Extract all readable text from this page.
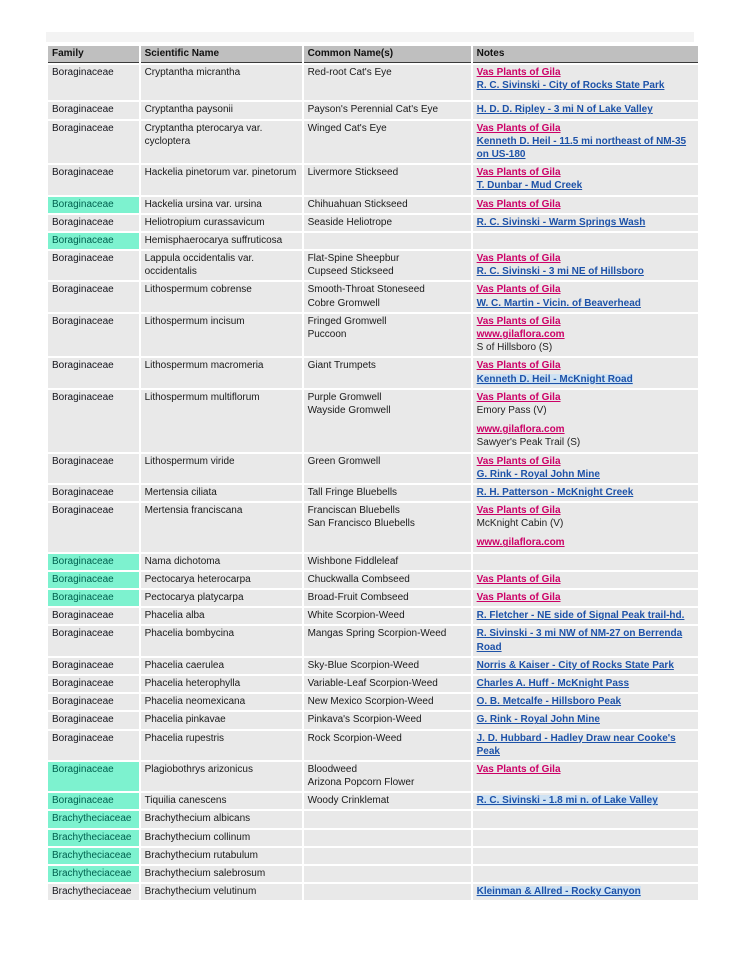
Family	Scientific Name	Common Name(s)	Notes
Boraginaceae	Cryptantha micrantha	Red-root Cat's Eye	Vas Plants of Gila
R. C. Sivinski - City of Rocks State Park

Boraginaceae	Cryptantha paysonii	Payson's Perennial Cat's Eye	H. D. D. Ripley - 3 mi N of Lake Valley

Boraginaceae	Cryptantha pterocarya var. cycloptera	Winged Cat's Eye	Vas Plants of Gila
Kenneth D. Heil - 11.5 mi northeast of NM-35 on US-180

Boraginaceae	Hackelia pinetorum var. pinetorum	Livermore Stickseed	Vas Plants of Gila
T. Dunbar - Mud Creek

Boraginaceae	Hackelia ursina var. ursina	Chihuahuan Stickseed	Vas Plants of Gila

Boraginaceae	Heliotropium curassavicum	Seaside Heliotrope	R. C. Sivinski - Warm Springs Wash

Boraginaceae	Hemisphaerocarya suffruticosa		
Boraginaceae	Lappula occidentalis var. occidentalis	Flat-Spine Sheepbur
Cupseed Stickseed	Vas Plants of Gila
R. C. Sivinski - 3 mi NE of Hillsboro

Boraginaceae	Lithospermum cobrense	Smooth-Throat Stoneseed
Cobre Gromwell	Vas Plants of Gila
W. C. Martin - Vicin. of Beaverhead

Boraginaceae	Lithospermum incisum	Fringed Gromwell
Puccoon	Vas Plants of Gila
www.gilaflora.com
S of Hillsboro (S)

Boraginaceae	Lithospermum macromeria	Giant Trumpets	Vas Plants of Gila
Kenneth D. Heil - McKnight Road

Boraginaceae	Lithospermum multiflorum	Purple Gromwell
Wayside Gromwell	Vas Plants of Gila
Emory Pass (V)
www.gilaflora.com
Sawyer's Peak Trail (S)

Boraginaceae	Lithospermum viride	Green Gromwell	Vas Plants of Gila
G. Rink - Royal John Mine

Boraginaceae	Mertensia ciliata	Tall Fringe Bluebells	R. H. Patterson - McKnight Creek

Boraginaceae	Mertensia franciscana	Franciscan Bluebells
San Francisco Bluebells	Vas Plants of Gila
McKnight Cabin (V)
www.gilaflora.com

Boraginaceae	Nama dichotoma	Wishbone Fiddleleaf	

Boraginaceae	Pectocarya heterocarpa	Chuckwalla Combseed	Vas Plants of Gila

Boraginaceae	Pectocarya platycarpa	Broad-Fruit Combseed	Vas Plants of Gila

Boraginaceae	Phacelia alba	White Scorpion-Weed	R. Fletcher - NE side of Signal Peak trail-hd.

Boraginaceae	Phacelia bombycina	Mangas Spring Scorpion-Weed	R. Sivinski - 3 mi NW of NM-27 on Berrenda Road

Boraginaceae	Phacelia caerulea	Sky-Blue Scorpion-Weed	Norris & Kaiser - City of Rocks State Park

Boraginaceae	Phacelia heterophylla	Variable-Leaf Scorpion-Weed	Charles A. Huff - McKnight Pass

Boraginaceae	Phacelia neomexicana	New Mexico Scorpion-Weed	O. B. Metcalfe - Hillsboro Peak

Boraginaceae	Phacelia pinkavae	Pinkava's Scorpion-Weed	G. Rink - Royal John Mine

Boraginaceae	Phacelia rupestris	Rock Scorpion-Weed	J. D. Hubbard - Hadley Draw near Cooke's Peak

Boraginaceae	Plagiobothrys arizonicus	Bloodweed
Arizona Popcorn Flower	Vas Plants of Gila

Boraginaceae	Tiquilia canescens	Woody Crinklemat	R. C. Sivinski - 1.8 mi n. of Lake Valley

Brachytheciaceae	Brachythecium albicans		
Brachytheciaceae	Brachythecium collinum		
Brachytheciaceae	Brachythecium rutabulum		
Brachytheciaceae	Brachythecium salebrosum		
Brachytheciaceae	Brachythecium velutinum		Kleinman & Allred - Rocky Canyon
